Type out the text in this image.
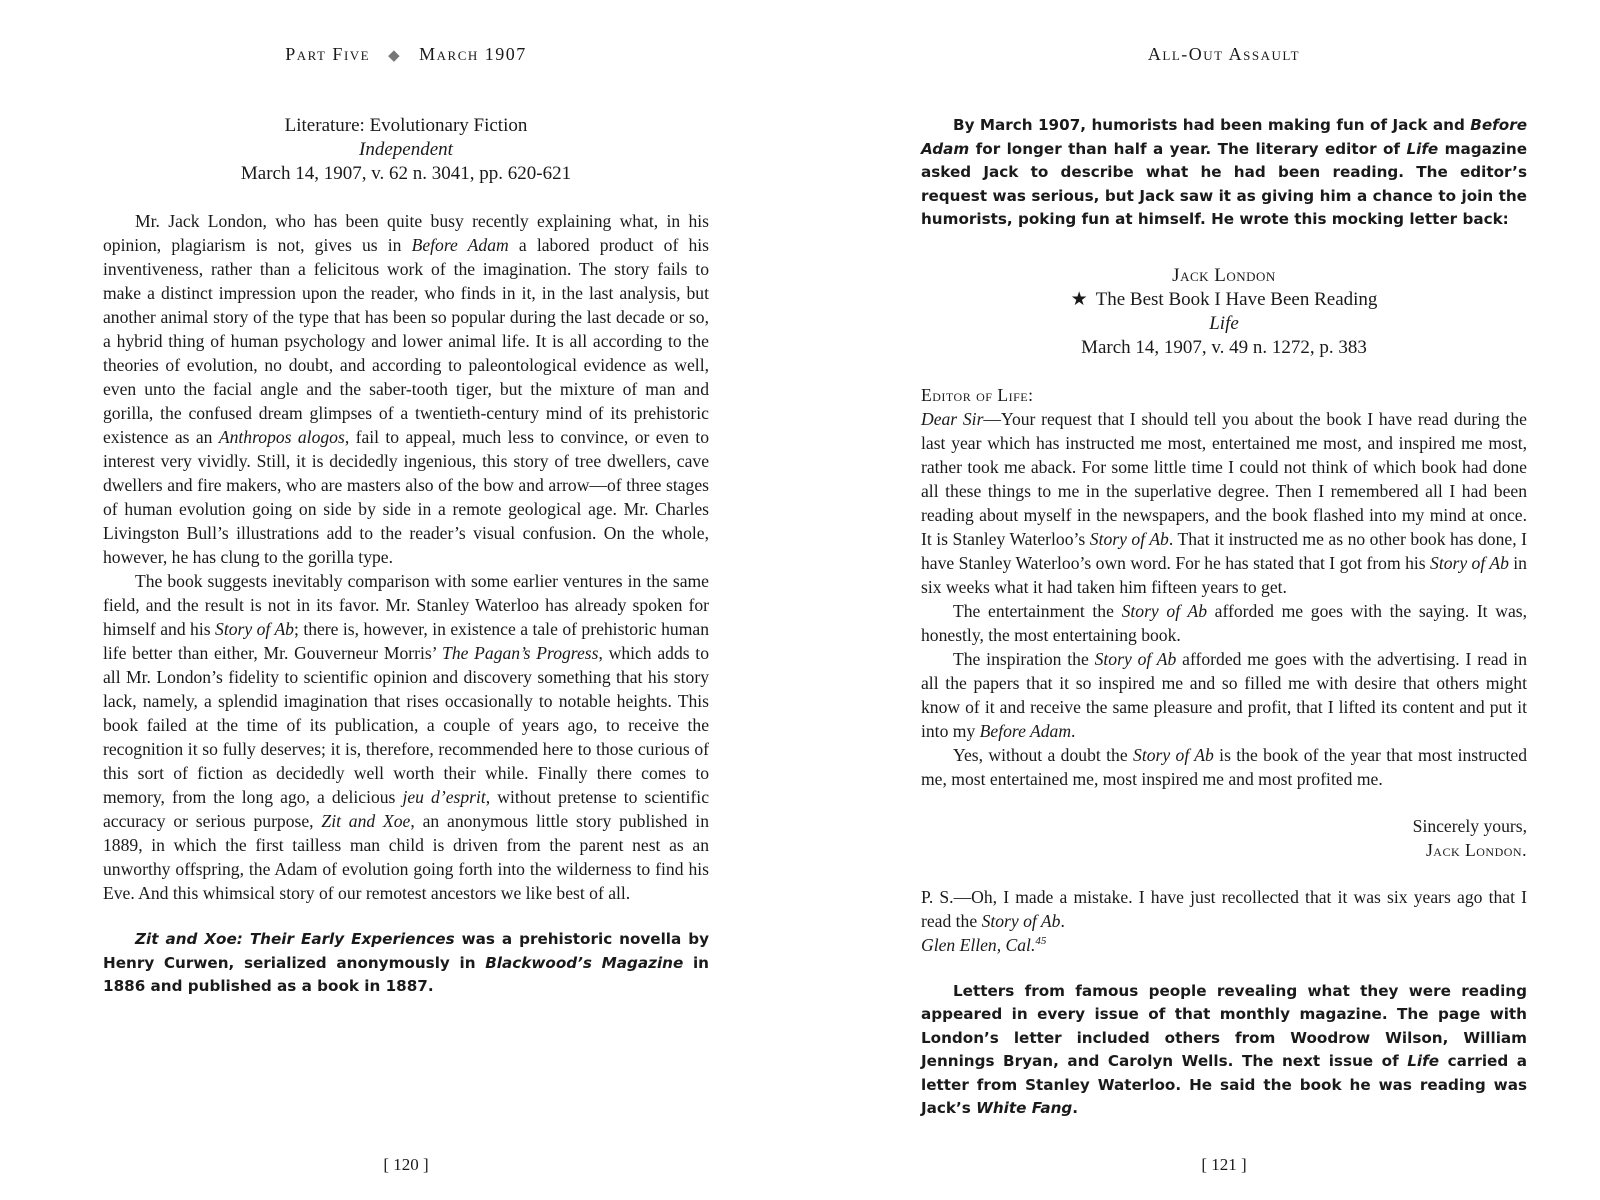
Part Five ◆ March 1907
Literature: Evolutionary Fiction
Independent
March 14, 1907, v. 62 n. 3041, pp. 620-621

Mr. Jack London, who has been quite busy recently explaining what, in his opinion, plagiarism is not, gives us in Before Adam a labored product of his inventiveness, rather than a felicitous work of the imagination. The story fails to make a distinct impression upon the reader, who finds in it, in the last analysis, but another animal story of the type that has been so popular during the last decade or so, a hybrid thing of human psychology and lower animal life. It is all according to the theories of evolution, no doubt, and according to paleontological evidence as well, even unto the facial angle and the saber-tooth tiger, but the mixture of man and gorilla, the confused dream glimpses of a twentieth-century mind of its prehistoric existence as an Anthropos alogos, fail to appeal, much less to convince, or even to interest very vividly. Still, it is decidedly ingenious, this story of tree dwellers, cave dwellers and fire makers, who are masters also of the bow and arrow—of three stages of human evolution going on side by side in a remote geological age. Mr. Charles Livingston Bull’s illustrations add to the reader’s visual confusion. On the whole, however, he has clung to the gorilla type.

The book suggests inevitably comparison with some earlier ventures in the same field, and the result is not in its favor. Mr. Stanley Waterloo has already spoken for himself and his Story of Ab; there is, however, in existence a tale of prehistoric human life better than either, Mr. Gouverneur Morris’ The Pagan’s Progress, which adds to all Mr. London’s fidelity to scientific opinion and discovery something that his story lack, namely, a splendid imagination that rises occasionally to notable heights. This book failed at the time of its publication, a couple of years ago, to receive the recognition it so fully deserves; it is, therefore, recommended here to those curious of this sort of fiction as decidedly well worth their while. Finally there comes to memory, from the long ago, a delicious jeu d’esprit, without pretense to scientific accuracy or serious purpose, Zit and Xoe, an anonymous little story published in 1889, in which the first tailless man child is driven from the parent nest as an unworthy offspring, the Adam of evolution going forth into the wilderness to find his Eve. And this whimsical story of our remotest ancestors we like best of all.

Zit and Xoe: Their Early Experiences was a prehistoric novella by Henry Curwen, serialized anonymously in Blackwood’s Magazine in 1886 and published as a book in 1887.

[ 120 ]
All-Out Assault

By March 1907, humorists had been making fun of Jack and Before Adam for longer than half a year. The literary editor of Life magazine asked Jack to describe what he had been reading. The editor’s request was serious, but Jack saw it as giving him a chance to join the humorists, poking fun at himself. He wrote this mocking letter back:

Jack London
★ The Best Book I Have Been Reading
Life
March 14, 1907, v. 49 n. 1272, p. 383

Editor of Life:

Dear Sir—Your request that I should tell you about the book I have read during the last year which has instructed me most, entertained me most, and inspired me most, rather took me aback. For some little time I could not think of which book had done all these things to me in the superlative degree. Then I remembered all I had been reading about myself in the newspapers, and the book flashed into my mind at once. It is Stanley Waterloo’s Story of Ab. That it instructed me as no other book has done, I have Stanley Waterloo’s own word. For he has stated that I got from his Story of Ab in six weeks what it had taken him fifteen years to get.

The entertainment the Story of Ab afforded me goes with the saying. It was, honestly, the most entertaining book.

The inspiration the Story of Ab afforded me goes with the advertising. I read in all the papers that it so inspired me and so filled me with desire that others might know of it and receive the same pleasure and profit, that I lifted its content and put it into my Before Adam.

Yes, without a doubt the Story of Ab is the book of the year that most instructed me, most entertained me, most inspired me and most profited me.

Sincerely yours,
Jack London.

P. S.—Oh, I made a mistake. I have just recollected that it was six years ago that I read the Story of Ab.

Glen Ellen, Cal.$^{45}$

Letters from famous people revealing what they were reading appeared in every issue of that monthly magazine. The page with London’s letter included others from Woodrow Wilson, William Jennings Bryan, and Carolyn Wells. The next issue of Life carried a letter from Stanley Waterloo. He said the book he was reading was Jack’s White Fang.

[ 121 ]
